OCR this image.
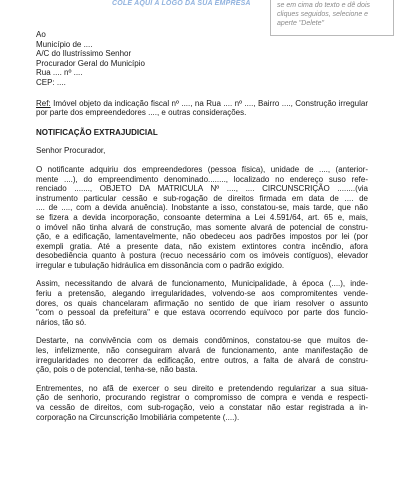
COLE AQUI A LOGO DA SUA EMPRESA	se em cima do texto e dê dois
cliques seguidos, selecione e
aperte "Delete"
Ao
Município de ....
A/C do Ilustríssimo Senhor
Procurador Geral do Município
Rua .... nº ....
CEP: ....
Ref: Imóvel objeto da indicação fiscal nº ...., na Rua .... nº ...., Bairro ...., Construção irregular por parte dos empreendedores ...., e outras considerações.
NOTIFICAÇÃO EXTRAJUDICIAL
Senhor Procurador,
O notificante adquiriu dos empreendedores (pessoa física), unidade de ...., (anterior-
mente ....), do empreendimento denominado........, localizado no endereço suso refe-
renciado ......., OBJETO DA MATRICULA Nº ...., .... CIRCUNSCRIÇÃO ........(via
instrumento particular cessão e sub-rogação de direitos firmada em data de .... de
.... de ...., com a devida anuência). Inobstante a isso, constatou-se, mais tarde, que não
se fizera a devida incorporação, consoante determina a Lei 4.591/64, art. 65 e, mais,
o imóvel não tinha alvará de construção, mas somente alvará de potencial de constru-
ção, e a edificação, lamentavelmente, não obedeceu aos padrões impostos por lei (por
exempli gratia. Até a presente data, não existem extintores contra incêndio, afora
desobediência quanto à postura (recuo necessário com os imóveis contíguos), elevador
irregular e tubulação hidráulica em dissonância com o padrão exigido.
Assim, necessitando de alvará de funcionamento, Municipalidade, à época (....), inde-
feriu a pretensão, alegando irregularidades, volvendo-se aos compromitentes vende-
dores, os quais chancelaram afirmação no sentido de que iriam resolver o assunto
"com o pessoal da prefeitura" e que estava ocorrendo equívoco por parte dos funcio-
nários, tão só.
Destarte, na convivência com os demais condôminos, constatou-se que muitos de-
les, infelizmente, não conseguiram alvará de funcionamento, ante manifestação de
irregularidades no decorrer da edificação, entre outros, a falta de alvará de constru-
ção, pois o de potencial, tenha-se, não basta.
Entrementes, no afã de exercer o seu direito e pretendendo regularizar a sua situa-
ção de senhorio, procurando registrar o compromisso de compra e venda e respecti-
va cessão de direitos, com sub-rogação, veio a constatar não estar registrada a in-
corporação na Circunscrição Imobiliária competente (....).
